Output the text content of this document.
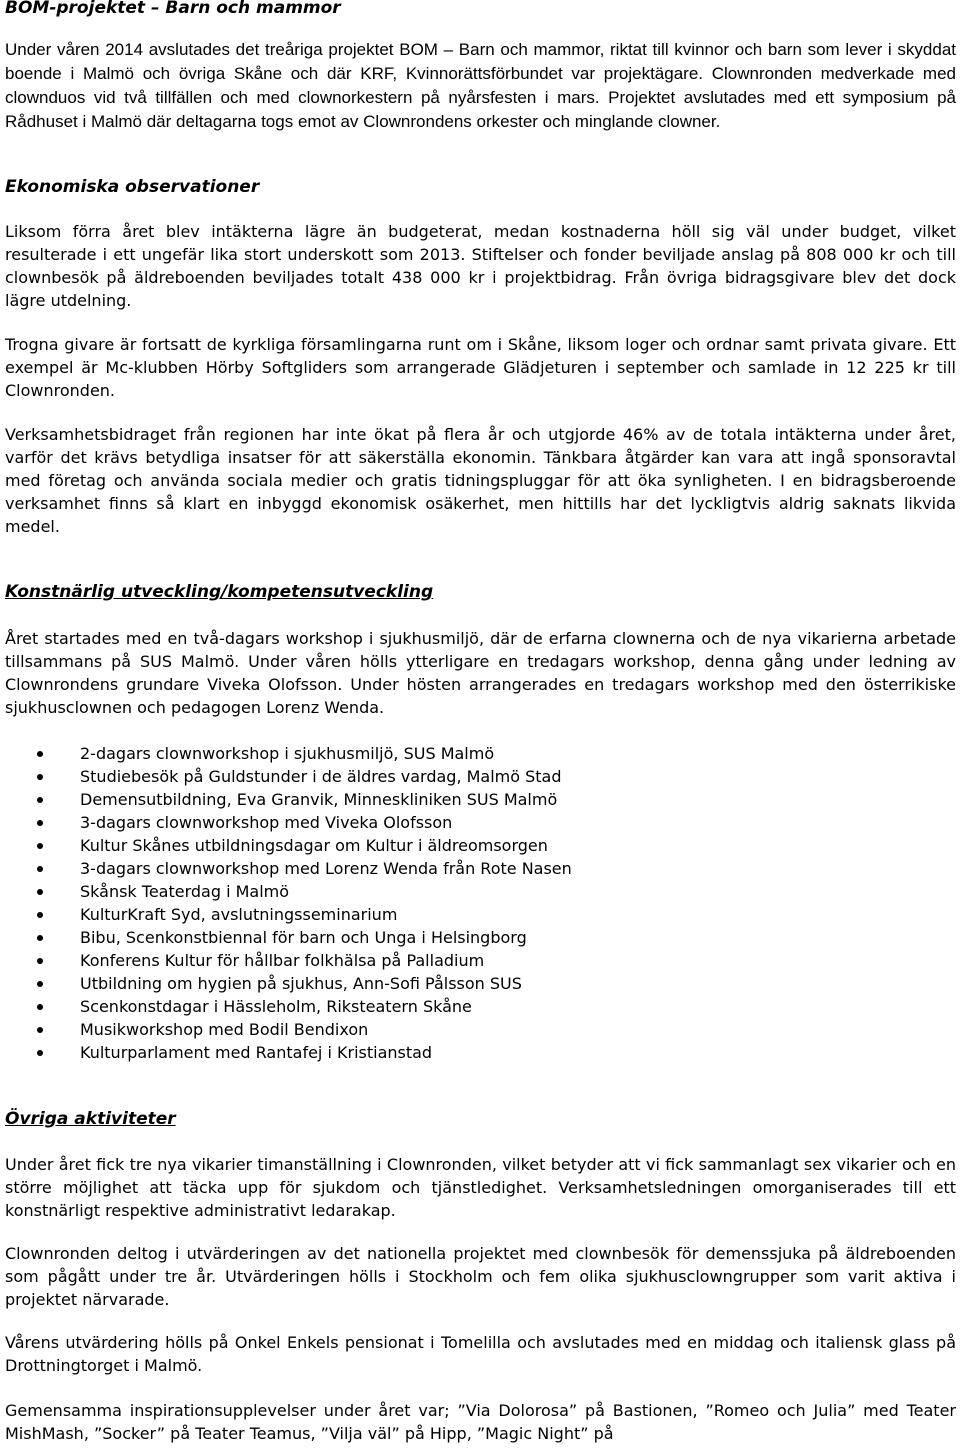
BOM-projektet – Barn och mammor

Under våren 2014 avslutades det treåriga projektet BOM – Barn och mammor, riktat till kvinnor och barn som lever i skyddat boende i Malmö och övriga Skåne och där KRF, Kvinnorättsförbundet var projektägare. Clownronden medverkade med clownduos vid två tillfällen och med clownorkestern på nyårsfesten i mars. Projektet avslutades med ett symposium på Rådhuset i Malmö där deltagarna togs emot av Clownrondens orkester och minglande clowner.

Ekonomiska observationer

Liksom förra året blev intäkterna lägre än budgeterat, medan kostnaderna höll sig väl under budget, vilket resulterade i ett ungefär lika stort underskott som 2013. Stiftelser och fonder beviljade anslag på 808 000 kr och till clownbesök på äldreboenden beviljades totalt 438 000 kr i projektbidrag. Från övriga bidragsgivare blev det dock lägre utdelning.

Trogna givare är fortsatt de kyrkliga församlingarna runt om i Skåne, liksom loger och ordnar samt privata givare. Ett exempel är Mc-klubben Hörby Softgliders som arrangerade Glädjeturen i september och samlade in 12 225 kr till Clownronden.

Verksamhetsbidraget från regionen har inte ökat på flera år och utgjorde 46% av de totala intäkterna under året, varför det krävs betydliga insatser för att säkerställa ekonomin. Tänkbara åtgärder kan vara att ingå sponsoravtal med företag och använda sociala medier och gratis tidningspluggar för att öka synligheten. I en bidragsberoende verksamhet finns så klart en inbyggd ekonomisk osäkerhet, men hittills har det lyckligtvis aldrig saknats likvida medel.

Konstnärlig utveckling/kompetensutveckling

Året startades med en två-dagars workshop i sjukhusmiljö, där de erfarna clownerna och de nya vikarierna arbetade tillsammans på SUS Malmö. Under våren hölls ytterligare en tredagars workshop, denna gång under ledning av Clownrondens grundare Viveka Olofsson. Under hösten arrangerades en tredagars workshop med den österrikiske sjukhusclownen och pedagogen Lorenz Wenda.

2-dagars clownworkshop i sjukhusmiljö, SUS Malmö
Studiebesök på Guldstunder i de äldres vardag, Malmö Stad
Demensutbildning, Eva Granvik, Minneskliniken SUS Malmö
3-dagars clownworkshop med Viveka Olofsson
Kultur Skånes utbildningsdagar om Kultur i äldreomsorgen
3-dagars clownworkshop med Lorenz Wenda från Rote Nasen
Skånsk Teaterdag i Malmö
KulturKraft Syd, avslutningsseminarium
Bibu, Scenkonstbiennal för barn och Unga i Helsingborg
Konferens Kultur för hållbar folkhälsa på Palladium
Utbildning om hygien på sjukhus, Ann-Sofi Pålsson SUS
Scenkonstdagar i Hässleholm, Riksteatern Skåne
Musikworkshop med Bodil Bendixon
Kulturparlament med Rantafej i Kristianstad
Övriga aktiviteter

Under året fick tre nya vikarier timanställning i Clownronden, vilket betyder att vi fick sammanlagt sex vikarier och en större möjlighet att täcka upp för sjukdom och tjänstledighet. Verksamhetsledningen omorganiserades till ett konstnärligt respektive administrativt ledarakap.

Clownronden deltog i utvärderingen av det nationella projektet med clownbesök för demenssjuka på äldreboenden som pågått under tre år. Utvärderingen hölls i Stockholm och fem olika sjukhusclowngrupper som varit aktiva i projektet närvarade.

Vårens utvärdering hölls på Onkel Enkels pensionat i Tomelilla och avslutades med en middag och italiensk glass på Drottningtorget i Malmö.

Gemensamma inspirationsupplevelser under året var; ”Via Dolorosa” på Bastionen, ”Romeo och Julia” med Teater MishMash, ”Socker” på Teater Teamus, ”Vilja väl” på Hipp, ”Magic Night” på
